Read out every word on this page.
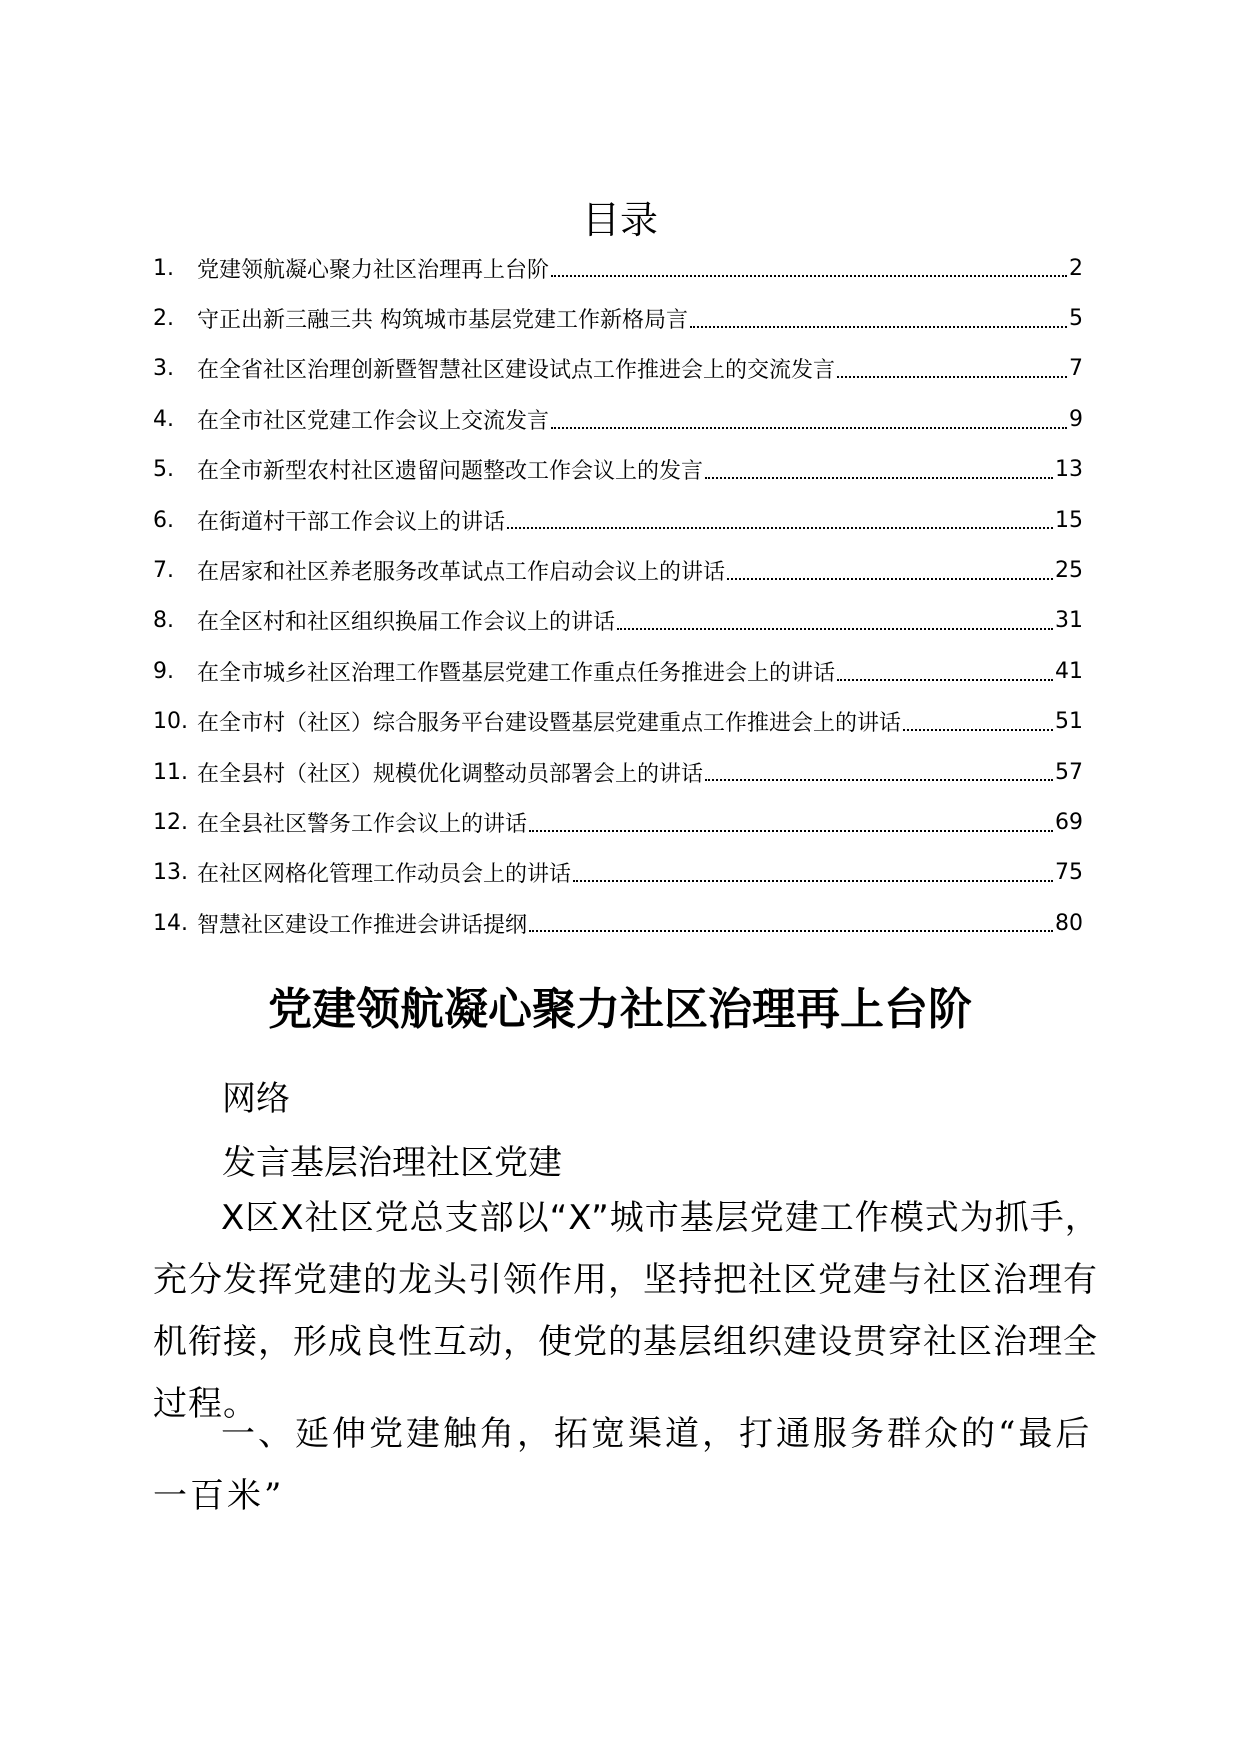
目录
1.	党建领航凝心聚力社区治理再上台阶	2
2.	守正出新三融三共 构筑城市基层党建工作新格局言	5
3.	在全省社区治理创新暨智慧社区建设试点工作推进会上的交流发言	7
4.	在全市社区党建工作会议上交流发言	9
5.	在全市新型农村社区遗留问题整改工作会议上的发言	13
6.	在街道村干部工作会议上的讲话	15
7.	在居家和社区养老服务改革试点工作启动会议上的讲话	25
8.	在全区村和社区组织换届工作会议上的讲话	31
9.	在全市城乡社区治理工作暨基层党建工作重点任务推进会上的讲话	41
10. 在全市村（社区）综合服务平台建设暨基层党建重点工作推进会上的讲话	51
11. 在全县村（社区）规模优化调整动员部署会上的讲话	57
12. 在全县社区警务工作会议上的讲话	69
13. 在社区网格化管理工作动员会上的讲话	75
14. 智慧社区建设工作推进会讲话提纲	80
党建领航凝心聚力社区治理再上台阶

网络

发言基层治理社区党建

X区X社区党总支部以“X”城市基层党建工作模式为抓手，充分发挥党建的龙头引领作用，坚持把社区党建与社区治理有机衔接，形成良性互动，使党的基层组织建设贯穿社区治理全过程。

一、延伸党建触角，拓宽渠道，打通服务群众的“最后一百米”
